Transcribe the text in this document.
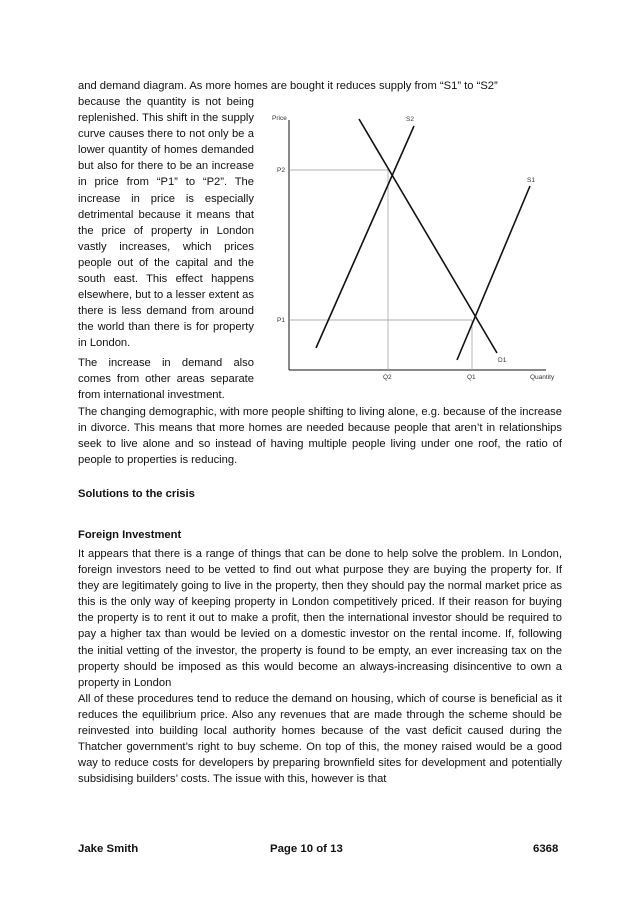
and demand diagram. As more homes are bought it reduces supply from “S1” to “S2”

because the quantity is not being replenished. This shift in the supply curve causes there to not only be a lower quantity of homes demanded but also for there to be an increase in price from “P1” to “P2”. The increase in price is especially detrimental because it means that the price of property in London vastly increases, which prices people out of the capital and the south east. This effect happens elsewhere, but to a lesser extent as there is less demand from around the world than there is for property in London.

The increase in demand also comes from other areas separate from international investment.

Price
Quantity
S2
S1
D1
P2
P1
Q2	Q1

The changing demographic, with more people shifting to living alone, e.g. because of the increase in divorce. This means that more homes are needed because people that aren’t in relationships seek to live alone and so instead of having multiple people living under one roof, the ratio of people to properties is reducing.

Solutions to the crisis

Foreign Investment

It appears that there is a range of things that can be done to help solve the problem. In London, foreign investors need to be vetted to find out what purpose they are buying the property for. If they are legitimately going to live in the property, then they should pay the normal market price as this is the only way of keeping property in London competitively priced. If their reason for buying the property is to rent it out to make a profit, then the international investor should be required to pay a higher tax than would be levied on a domestic investor on the rental income. If, following the initial vetting of the investor, the property is found to be empty, an ever increasing tax on the property should be imposed as this would become an always-increasing disincentive to own a property in London

All of these procedures tend to reduce the demand on housing, which of course is beneficial as it reduces the equilibrium price. Also any revenues that are made through the scheme should be reinvested into building local authority homes because of the vast deficit caused during the Thatcher government’s right to buy scheme. On top of this, the money raised would be a good way to reduce costs for developers by preparing brownfield sites for development and potentially subsidising builders’ costs. The issue with this, however is that

Jake Smith	Page 10 of 13	6368
